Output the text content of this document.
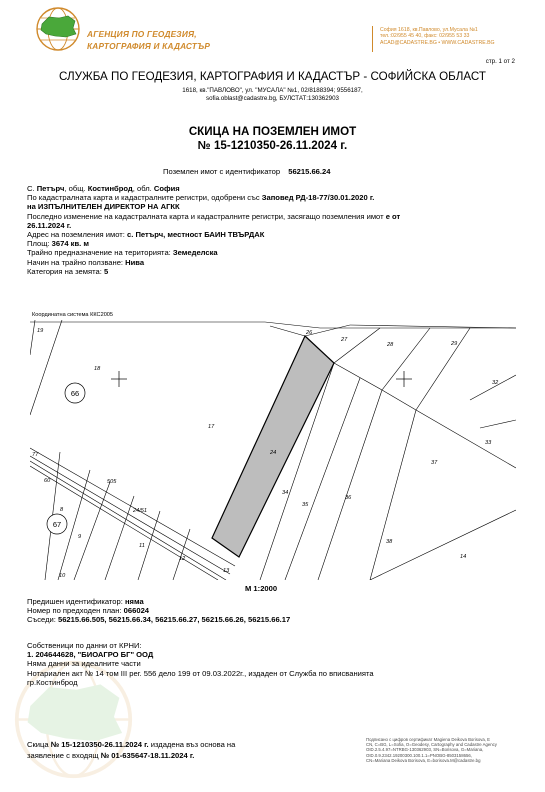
АГЕНЦИЯ ПО ГЕОДЕЗИЯ,
КАРТОГРАФИЯ И КАДАСТЪР
София 1618, кв.Павлово, ул.Мусала №1
тел.:02/955 45 40, факс: 02/955 53 33
ACAD@CADASTRE.BG • WWW.CADASTRE.BG
стр. 1 от 2
СЛУЖБА ПО ГЕОДЕЗИЯ, КАРТОГРАФИЯ И КАДАСТЪР - СОФИЙСКА ОБЛАСТ
1618, кв."ПАВЛОВО", ул. "МУСАЛА" №1, 02/8188394; 9556187,
sofia.oblast@cadastre.bg, БУЛСТАТ:130362903
СКИЦА НА ПОЗЕМЛЕН ИМОТ
№ 15-1210350-26.11.2024 г.
Поземлен имот с идентификатор 56215.66.24
С. Петърч, общ. Костинброд, обл. София
По кадастралната карта и кадастралните регистри, одобрени със Заповед РД-18-77/30.01.2020 г.
на ИЗПЪЛНИТЕЛЕН ДИРЕКТОР НА АГКК
Последно изменение на кадастралната карта и кадастралните регистри, засягащо поземления имот е от
26.11.2024 г.
Адрес на поземления имот: с. Петърч, местност БАИН ТВЪРДАК
Площ: 3674 кв. м
Трайно предназначение на територията: Земеделска
Начин на трайно ползване: Нива
Категория на земята: 5
Координатна система ККС2005
66
67
19
18
17
24
34
35
36
26
27
28	29
32
33
37
38
14
60
8
9
11
12
13
10
505
24/51
77
М 1:2000
Предишен идентификатор: няма
Номер по предходен план: 066024
Съседи: 56215.66.505, 56215.66.34, 56215.66.27, 56215.66.26, 56215.66.17
Собственици по данни от КРНИ:
1. 204644628, "БИОАГРО БГ" ООД
Няма данни за идеалните части
Нотариален акт № 14 том III рег. 556 дело 199 от 09.03.2022г., издаден от Служба по вписванията
гр.Костинброд
Скица № 15-1210350-26.11.2024 г. издадена въз основа на
заявление с входящ № 01-635647-18.11.2024 г.
Подписано с цифров сертификат Magiena Deikova Borisova, E
CN, C=BG, L=Sofia, O=Geodesy, Cartography and Cadastre Agency
OID.2.5.4.97=NTRBG-130362903, SN=Borisova, G=Mariana,
OID.0.9.2342.19200300.100.1.1=PNOBG-8503158656,
CN=Mariana Deikova Borisova, E=borisova.M@cadastre.bg
